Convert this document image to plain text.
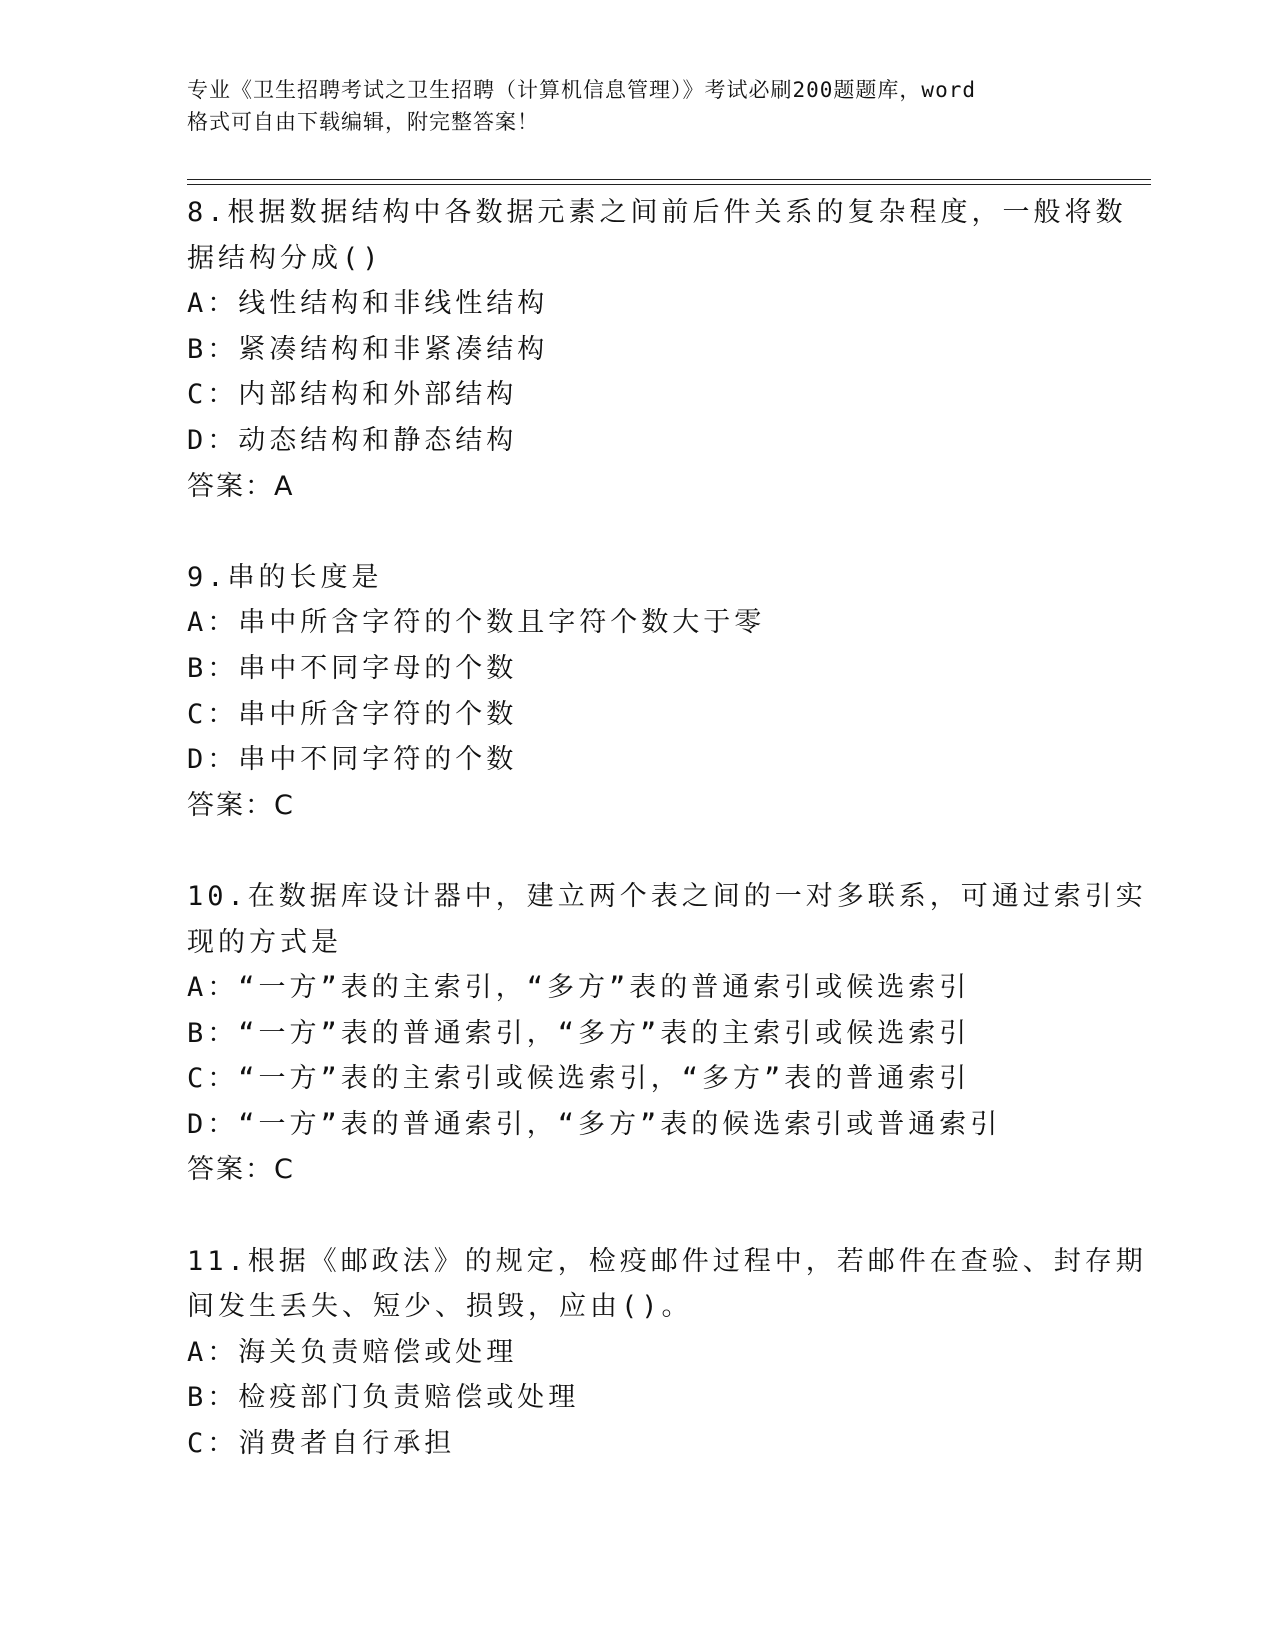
专业《卫生招聘考试之卫生招聘（计算机信息管理）》考试必刷200题题库，word
格式可自由下载编辑，附完整答案！
8.根据数据结构中各数据元素之间前后件关系的复杂程度，一般将数
据结构分成()
A：线性结构和非线性结构
B：紧凑结构和非紧凑结构
C：内部结构和外部结构
D：动态结构和静态结构
答案：A
9.串的长度是
A：串中所含字符的个数且字符个数大于零
B：串中不同字母的个数
C：串中所含字符的个数
D：串中不同字符的个数
答案：C
10.在数据库设计器中，建立两个表之间的一对多联系，可通过索引实
现的方式是
A：“一方”表的主索引，“多方”表的普通索引或候选索引
B：“一方”表的普通索引，“多方”表的主索引或候选索引
C：“一方”表的主索引或候选索引，“多方”表的普通索引
D：“一方”表的普通索引，“多方”表的候选索引或普通索引
答案：C
11.根据《邮政法》的规定，检疫邮件过程中，若邮件在查验、封存期
间发生丢失、短少、损毁，应由()。
A：海关负责赔偿或处理
B：检疫部门负责赔偿或处理
C：消费者自行承担
